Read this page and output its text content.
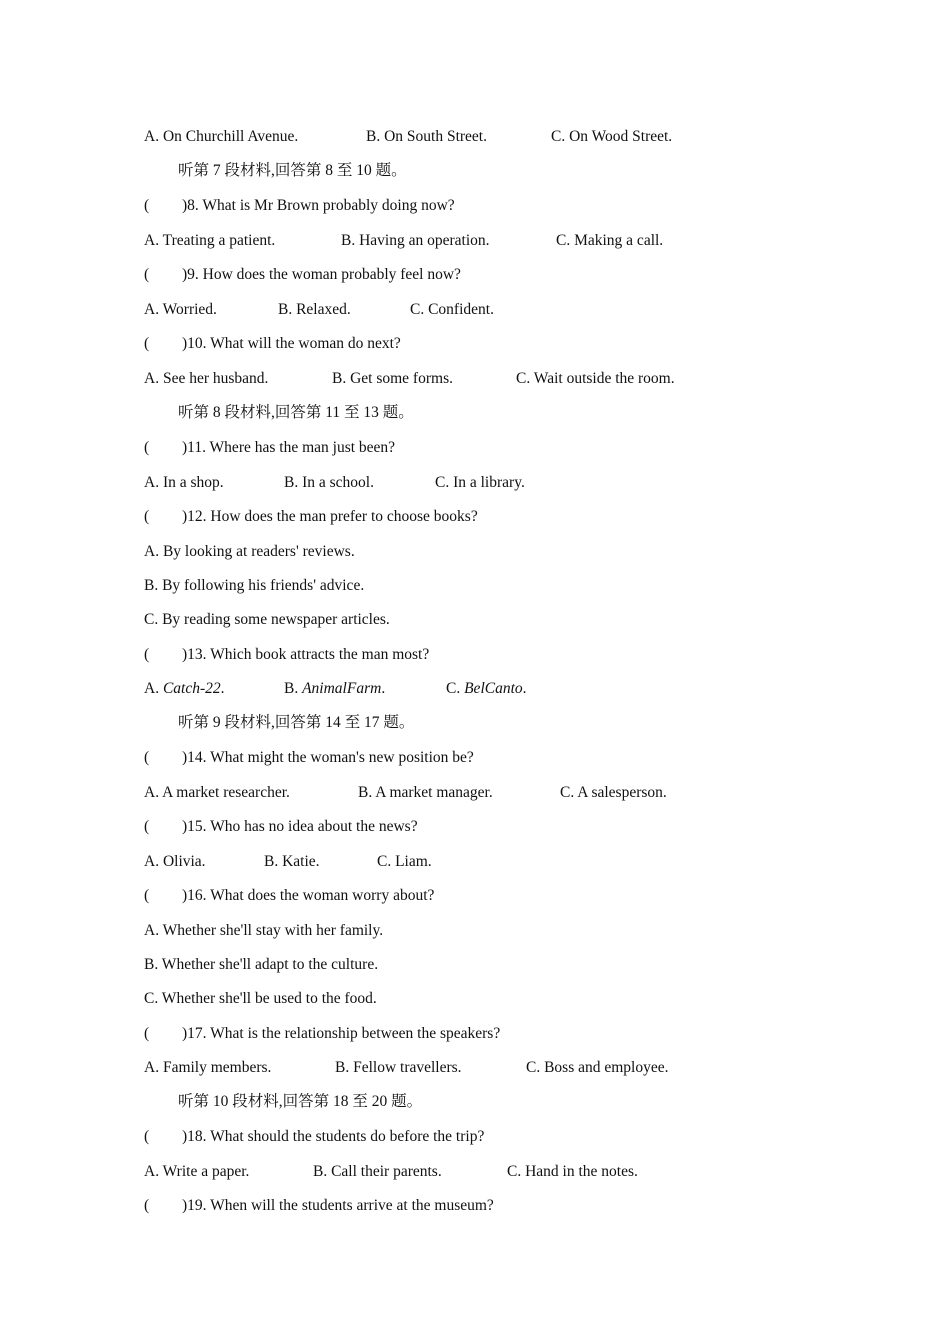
A. On Churchill Avenue.	B. On South Street.	C. On Wood Street.
听第 7 段材料,回答第 8 至 10 题。
( )8. What is Mr Brown probably doing now?
A. Treating a patient.	B. Having an operation.	C. Making a call.
( )9. How does the woman probably feel now?
A. Worried.	B. Relaxed.	C. Confident.
( )10. What will the woman do next?
A. See her husband.	B. Get some forms.	C. Wait outside the room.
听第 8 段材料,回答第 11 至 13 题。
( )11. Where has the man just been?
A. In a shop.	B. In a school.	C. In a library.
( )12. How does the man prefer to choose books?
A. By looking at readers' reviews.
B. By following his friends' advice.
C. By reading some newspaper articles.
( )13. Which book attracts the man most?
A. Catch-22.	B. AnimalFarm.	C. BelCanto.
听第 9 段材料,回答第 14 至 17 题。
( )14. What might the woman's new position be?
A. A market researcher.	B. A market manager.	C. A salesperson.
( )15. Who has no idea about the news?
A. Olivia.	B. Katie.	C. Liam.
( )16. What does the woman worry about?
A. Whether she'll stay with her family.
B. Whether she'll adapt to the culture.
C. Whether she'll be used to the food.
( )17. What is the relationship between the speakers?
A. Family members.	B. Fellow travellers.	C. Boss and employee.
听第 10 段材料,回答第 18 至 20 题。
( )18. What should the students do before the trip?
A. Write a paper.	B. Call their parents.	C. Hand in the notes.
( )19. When will the students arrive at the museum?
